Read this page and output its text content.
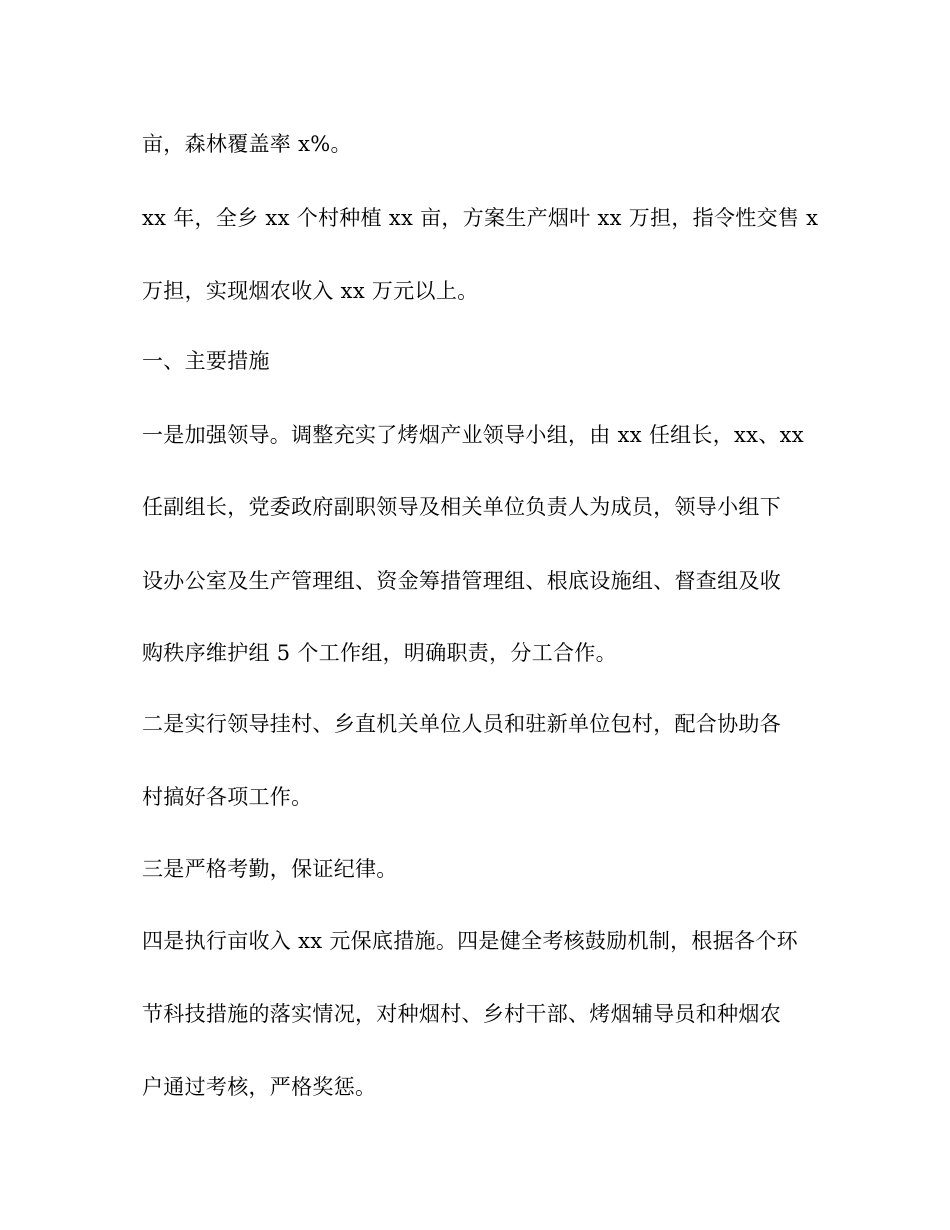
亩，森林覆盖率 x%。
xx 年，全乡 xx 个村种植 xx 亩，方案生产烟叶 xx 万担，指令性交售 x
万担，实现烟农收入 xx 万元以上。
一、主要措施
一是加强领导。调整充实了烤烟产业领导小组，由 xx 任组长，xx、xx
任副组长，党委政府副职领导及相关单位负责人为成员，领导小组下
设办公室及生产管理组、资金筹措管理组、根底设施组、督查组及收
购秩序维护组 5 个工作组，明确职责，分工合作。
二是实行领导挂村、乡直机关单位人员和驻新单位包村，配合协助各
村搞好各项工作。
三是严格考勤，保证纪律。
四是执行亩收入 xx 元保底措施。四是健全考核鼓励机制，根据各个环
节科技措施的落实情况，对种烟村、乡村干部、烤烟辅导员和种烟农
户通过考核，严格奖惩。
